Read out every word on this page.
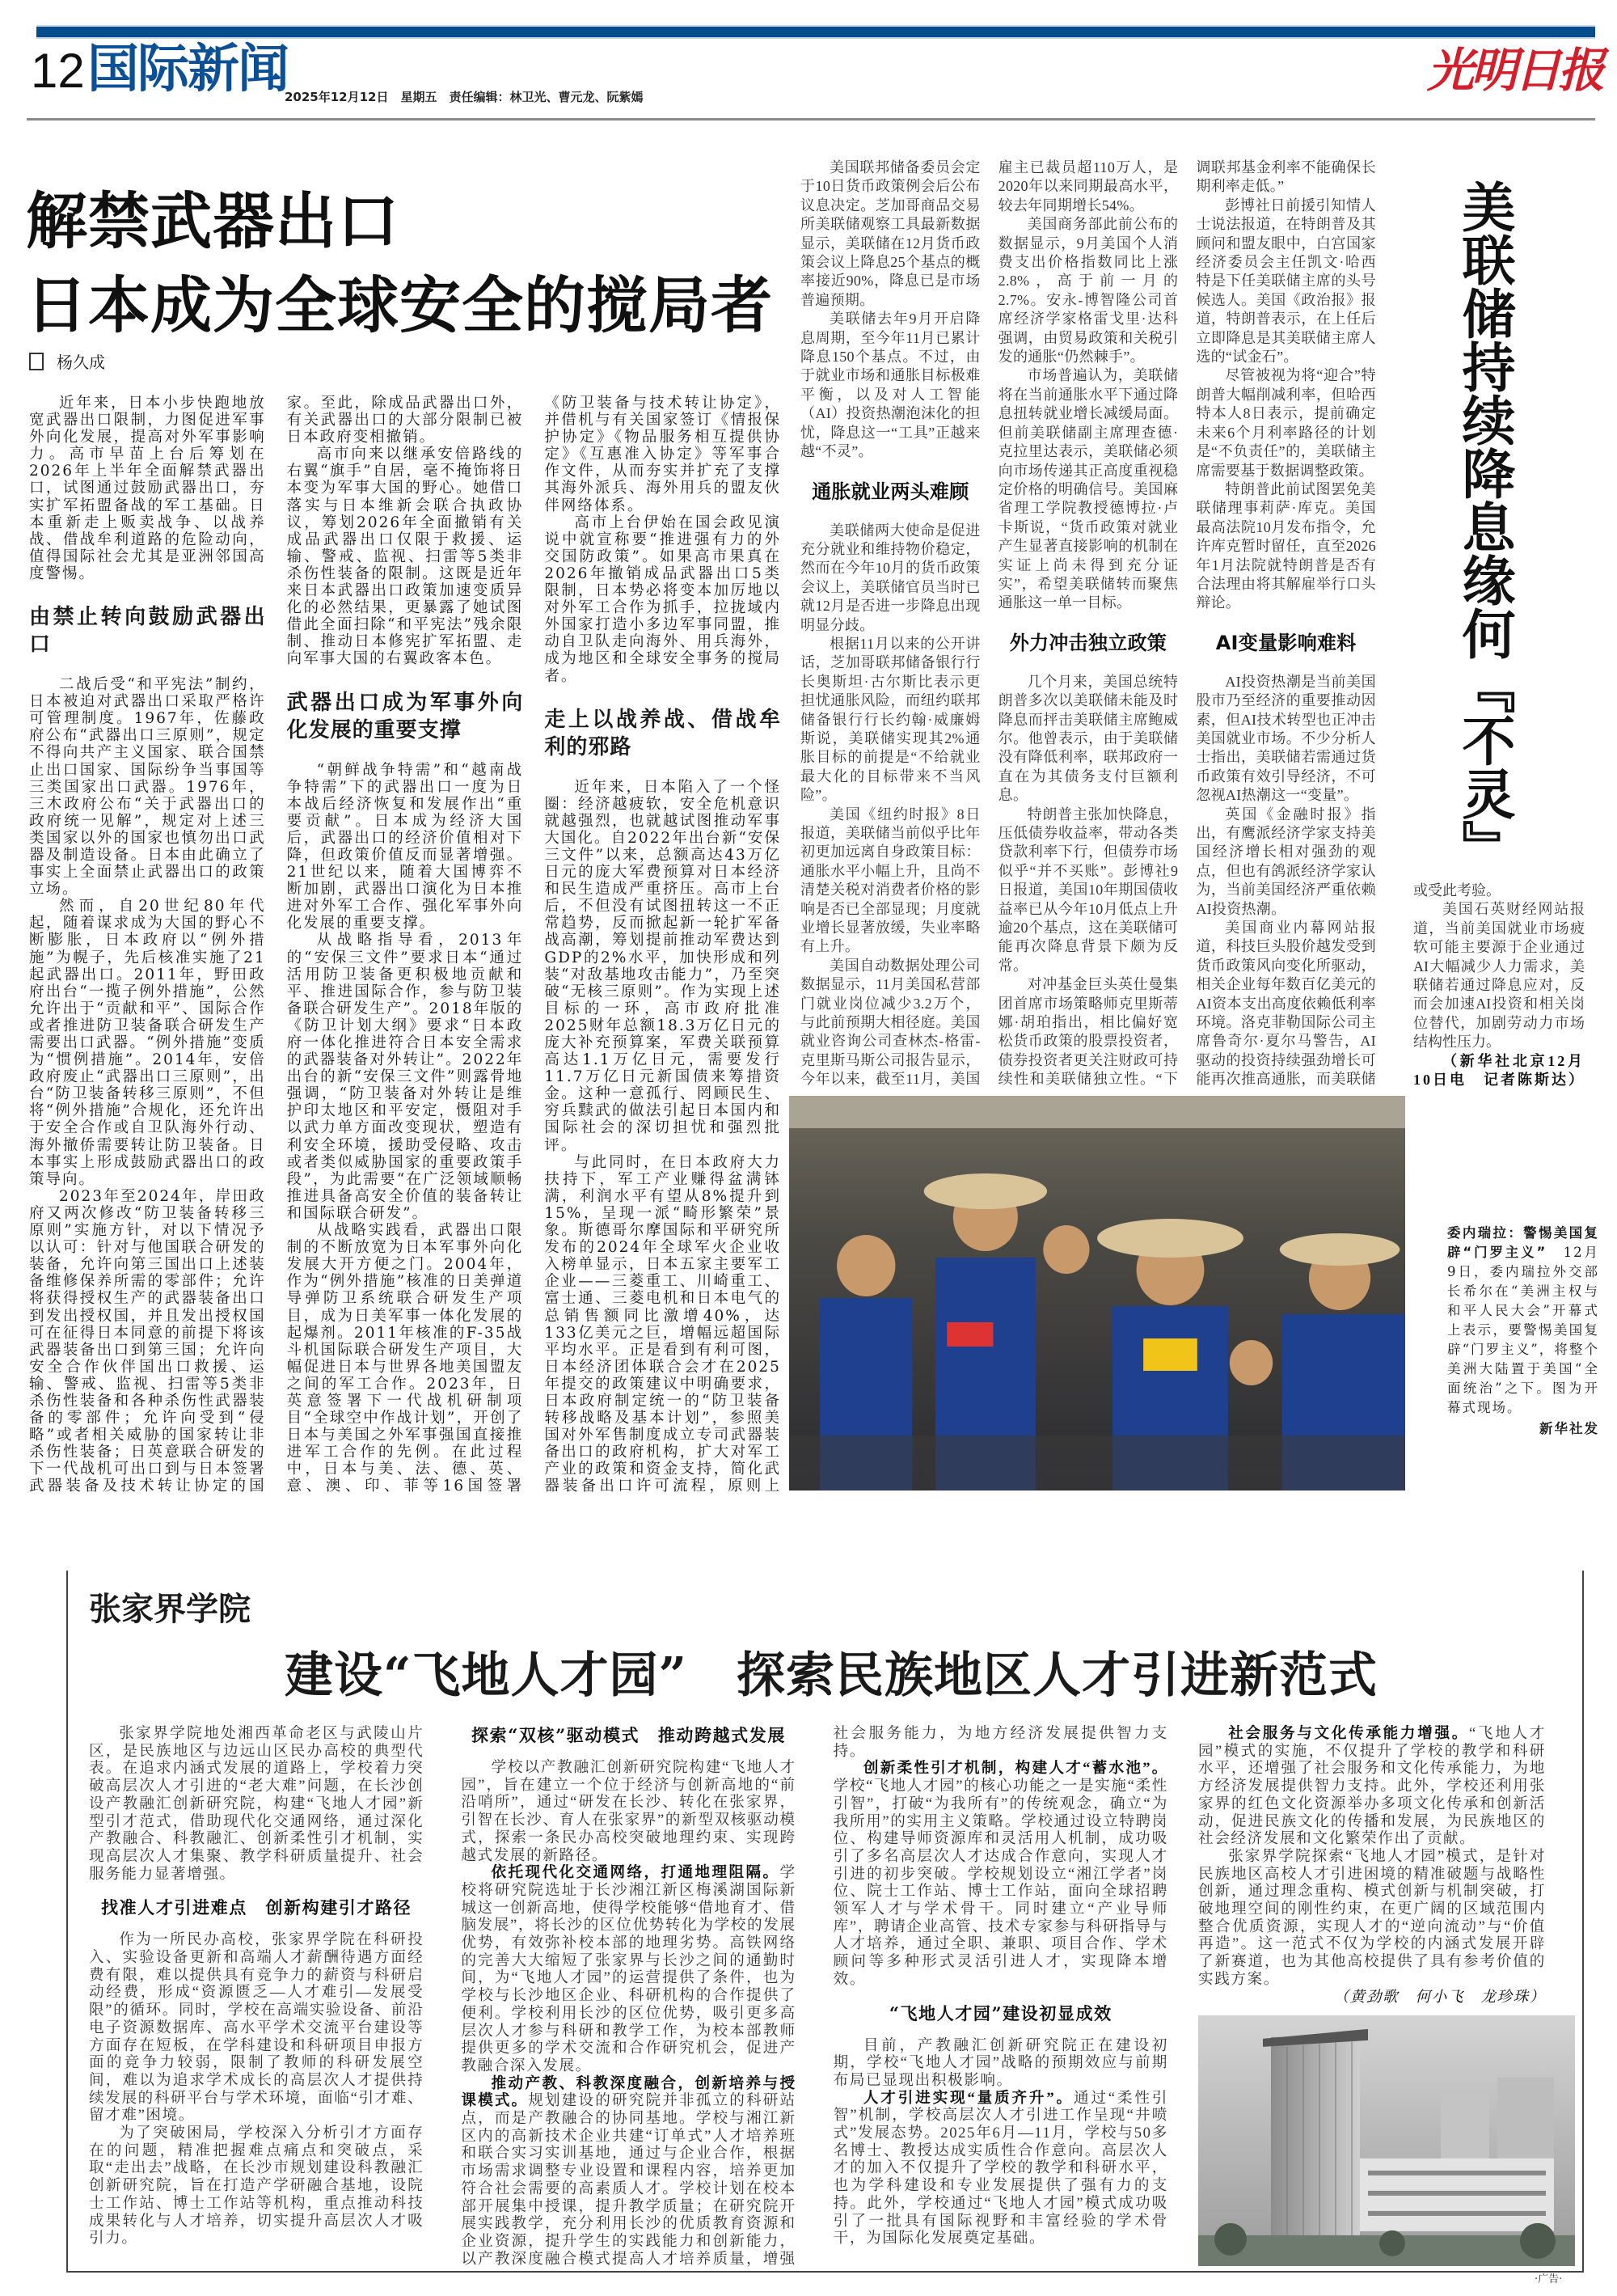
12 国际新闻
2025年12月12日　星期五　责任编辑：林卫光、曹元龙、阮紫嫣	光明日报
解禁武器出口
日本成为全球安全的搅局者
杨久成

近年来，日本小步快跑地放宽武器出口限制，力图促进军事外向化发展，提高对外军事影响力。高市早苗上台后筹划在2026年上半年全面解禁武器出口，试图通过鼓励武器出口，夯实扩军拓盟备战的军工基础。日本重新走上贩卖战争、以战养战、借战牟利道路的危险动向，值得国际社会尤其是亚洲邻国高度警惕。

由禁止转向鼓励武器出口

二战后受“和平宪法”制约，日本被迫对武器出口采取严格许可管理制度。1967年，佐藤政府公布“武器出口三原则”，规定不得向共产主义国家、联合国禁止出口国家、国际纷争当事国等三类国家出口武器。1976年，三木政府公布“关于武器出口的政府统一见解”，规定对上述三类国家以外的国家也慎勿出口武器及制造设备。日本由此确立了事实上全面禁止武器出口的政策立场。

然而，自20世纪80年代起，随着谋求成为大国的野心不断膨胀，日本政府以“例外措施”为幌子，先后核准实施了21起武器出口。2011年，野田政府出台“一揽子例外措施”，公然允许出于“贡献和平”、国际合作或者推进防卫装备联合研发生产需要出口武器。“例外措施”变质为“惯例措施”。2014年，安倍政府废止“武器出口三原则”，出台“防卫装备转移三原则”，不但将“例外措施”合规化，还允许出于安全合作或自卫队海外行动、海外撤侨需要转让防卫装备。日本事实上形成鼓励武器出口的政策导向。

2023年至2024年，岸田政府又两次修改“防卫装备转移三原则”实施方针，对以下情况予以认可：针对与他国联合研发的装备，允许向第三国出口上述装备维修保养所需的零部件；允许将获得授权生产的武器装备出口到发出授权国，并且发出授权国可在征得日本同意的前提下将该武器装备出口到第三国；允许向安全合作伙伴国出口救援、运输、警戒、监视、扫雷等5类非杀伤性装备和各种杀伤性武器装备的零部件；允许向受到“侵略”或者相关威胁的国家转让非杀伤性装备；日英意联合研发的下一代战机可出口到与日本签署武器装备及技术转让协定的国家。至此，除成品武器出口外，有关武器出口的大部分限制已被日本政府变相撤销。

高市向来以继承安倍路线的右翼“旗手”自居，毫不掩饰将日本变为军事大国的野心。她借口落实与日本维新会联合执政协议，筹划2026年全面撤销有关成品武器出口仅限于救援、运输、警戒、监视、扫雷等5类非杀伤性装备的限制。这既是近年来日本武器出口政策加速变质异化的必然结果，更暴露了她试图借此全面扫除“和平宪法”残余限制、推动日本修宪扩军拓盟、走向军事大国的右翼政客本色。

武器出口成为军事外向化发展的重要支撑

“朝鲜战争特需”和“越南战争特需”下的武器出口一度为日本战后经济恢复和发展作出“重要贡献”。日本成为经济大国后，武器出口的经济价值相对下降，但政策价值反而显著增强。21世纪以来，随着大国博弈不断加剧，武器出口演化为日本推进对外军工合作、强化军事外向化发展的重要支撑。

从战略指导看，2013年的“安保三文件”要求日本“通过活用防卫装备更积极地贡献和平、推进国际合作，参与防卫装备联合研发生产”。2018年版的《防卫计划大纲》要求“日本政府一体化推进符合日本安全需求的武器装备对外转让”。2022年出台的新“安保三文件”则露骨地强调，“防卫装备对外转让是维护印太地区和平安定，慑阻对手以武力单方面改变现状，塑造有利安全环境，援助受侵略、攻击或者类似威胁国家的重要政策手段”，为此需要“在广泛领域顺畅推进具备高安全价值的装备转让和国际联合研发”。

从战略实践看，武器出口限制的不断放宽为日本军事外向化发展大开方便之门。2004年，作为“例外措施”核准的日美弹道导弹防卫系统联合研发生产项目，成为日美军事一体化发展的起爆剂。2011年核准的F-35战斗机国际联合研发生产项目，大幅促进日本与世界各地美国盟友之间的军工合作。2023年，日英意签署下一代战机研制项目“全球空中作战计划”，开创了日本与美国之外军事强国直接推进军工合作的先例。在此过程中，日本与美、法、德、英、意、澳、印、菲等16国签署《防卫装备与技术转让协定》，并借机与有关国家签订《情报保护协定》《物品服务相互提供协定》《互惠准入协定》等军事合作文件，从而夯实并扩充了支撑其海外派兵、海外用兵的盟友伙伴网络体系。

高市上台伊始在国会政见演说中就宣称要“推进强有力的外交国防政策”。如果高市果真在2026年撤销成品武器出口5类限制，日本势必将变本加厉地以对外军工合作为抓手，拉拢域内外国家打造小多边军事同盟，推动自卫队走向海外、用兵海外，成为地区和全球安全事务的搅局者。

走上以战养战、借战牟利的邪路

近年来，日本陷入了一个怪圈：经济越疲软，安全危机意识就越强烈，也就越试图推动军事大国化。自2022年出台新“安保三文件”以来，总额高达43万亿日元的庞大军费预算对日本经济和民生造成严重挤压。高市上台后，不但没有试图扭转这一不正常趋势，反而掀起新一轮扩军备战高潮，筹划提前推动军费达到GDP的2%水平，加快形成和列装“对敌基地攻击能力”，乃至突破“无核三原则”。作为实现上述目标的一环，高市政府批准2025财年总额18.3万亿日元的庞大补充预算案，军费关联预算高达1.1万亿日元，需要发行11.7万亿日元新国债来筹措资金。这种一意孤行、罔顾民生、穷兵黩武的做法引起日本国内和国际社会的深切担忧和强烈批评。

与此同时，在日本政府大力扶持下，军工产业赚得盆满钵满，利润水平有望从8%提升到15%，呈现一派“畸形繁荣”景象。斯德哥尔摩国际和平研究所发布的2024年全球军火企业收入榜单显示，日本五家主要军工企业——三菱重工、川崎重工、富士通、三菱电机和日本电气的总销售额同比激增40%，达133亿美元之巨，增幅远超国际平均水平。正是看到有利可图，日本经济团体联合会才在2025年提交的政策建议中明确要求，日本政府制定统一的“防卫装备转移战略及基本计划”，参照美国对外军售制度成立专司武器装备出口的政府机构，扩大对军工产业的政策和资金支持，简化武器装备出口许可流程，原则上

美国联邦储备委员会定于10日货币政策例会后公布议息决定。芝加哥商品交易所美联储观察工具最新数据显示，美联储在12月货币政策会议上降息25个基点的概率接近90%，降息已是市场普遍预期。

美联储去年9月开启降息周期，至今年11月已累计降息150个基点。不过，由于就业市场和通胀目标极难平衡，以及对人工智能（AI）投资热潮泡沫化的担忧，降息这一“工具”正越来越“不灵”。

通胀就业两头难顾

美联储两大使命是促进充分就业和维持物价稳定，然而在今年10月的货币政策会议上，美联储官员当时已就12月是否进一步降息出现明显分歧。

根据11月以来的公开讲话，芝加哥联邦储备银行行长奥斯坦·古尔斯比表示更担忧通胀风险，而纽约联邦储备银行行长约翰·威廉姆斯说，美联储实现其2%通胀目标的前提是“不给就业最大化的目标带来不当风险”。

美国《纽约时报》8日报道，美联储当前似乎比年初更加远离自身政策目标：通胀水平小幅上升，且尚不清楚关税对消费者价格的影响是否已全部显现；月度就业增长显著放缓，失业率略有上升。

美国自动数据处理公司数据显示，11月美国私营部门就业岗位减少3.2万个，与此前预期大相径庭。美国就业咨询公司查林杰-格雷-克里斯马斯公司报告显示，今年以来，截至11月，美国雇主已裁员超110万人，是2020年以来同期最高水平，较去年同期增长54%。

美国商务部此前公布的数据显示，9月美国个人消费支出价格指数同比上涨2.8%，高于前一月的2.7%。安永-博智隆公司首席经济学家格雷戈里·达科强调，由贸易政策和关税引发的通胀“仍然棘手”。

市场普遍认为，美联储将在当前通胀水平下通过降息扭转就业增长减缓局面。但前美联储副主席理查德·克拉里达表示，美联储必须向市场传递其正高度重视稳定价格的明确信号。美国麻省理工学院教授德博拉·卢卡斯说，“货币政策对就业产生显著直接影响的机制在实证上尚未得到充分证实”，希望美联储转而聚焦通胀这一单一目标。

外力冲击独立政策

几个月来，美国总统特朗普多次以美联储未能及时降息而抨击美联储主席鲍威尔。他曾表示，由于美联储没有降低利率，联邦政府一直在为其债务支付巨额利息。

特朗普主张加快降息，压低债券收益率，带动各类贷款利率下行，但债券市场似乎“并不买账”。彭博社9日报道，美国10年期国债收益率已从今年10月低点上升逾20个基点，这在美联储可能再次降息背景下颇为反常。

对冲基金巨头英仕曼集团首席市场策略师克里斯蒂娜·胡珀指出，相比偏好宽松货币政策的股票投资者，债券投资者更关注财政可持续性和美联储独立性。“下调联邦基金利率不能确保长期利率走低。”

彭博社日前援引知情人士说法报道，在特朗普及其顾问和盟友眼中，白宫国家经济委员会主任凯文·哈西特是下任美联储主席的头号候选人。美国《政治报》报道，特朗普表示，在上任后立即降息是其美联储主席人选的“试金石”。

尽管被视为将“迎合”特朗普大幅削减利率，但哈西特本人8日表示，提前确定未来6个月利率路径的计划是“不负责任”的，美联储主席需要基于数据调整政策。

特朗普此前试图罢免美联储理事莉萨·库克。美国最高法院10月发布指令，允许库克暂时留任，直至2026年1月法院就特朗普是否有合法理由将其解雇举行口头辩论。

AI变量影响难料

AI投资热潮是当前美国股市乃至经济的重要推动因素，但AI技术转型也正冲击美国就业市场。不少分析人士指出，美联储若需通过货币政策有效引导经济，不可忽视AI热潮这一“变量”。

英国《金融时报》指出，有鹰派经济学家支持美国经济增长相对强劲的观点，但也有鸽派经济学家认为，当前美国经济严重依赖AI投资热潮。

美国商业内幕网站报道，科技巨头股价越发受到货币政策风向变化所驱动，相关企业每年数百亿美元的AI资本支出高度依赖低利率环境。洛克菲勒国际公司主席鲁奇尔·夏尔马警告，AI驱动的投资持续强劲增长可能再次推高通胀，而美联储

美联储持续降息缘何『不灵』

或受此考验。

美国石英财经网站报道，当前美国就业市场疲软可能主要源于企业通过AI大幅减少人力需求，美联储若通过降息应对，反而会加速AI投资和相关岗位替代，加剧劳动力市场结构性压力。

（新华社北京12月10日电　记者陈斯达）

委内瑞拉：警惕美国复辟“门罗主义”　12月9日，委内瑞拉外交部长希尔在“美洲主权与和平人民大会”开幕式上表示，要警惕美国复辟“门罗主义”，将整个美洲大陆置于美国“全面统治”之下。图为开幕式现场。
新华社发
张家界学院
建设“飞地人才园”　探索民族地区人才引进新范式

张家界学院地处湘西革命老区与武陵山片区，是民族地区与边远山区民办高校的典型代表。在追求内涵式发展的道路上，学校着力突破高层次人才引进的“老大难”问题，在长沙创设产教融汇创新研究院，构建“飞地人才园”新型引才范式，借助现代化交通网络，通过深化产教融合、科教融汇、创新柔性引才机制，实现高层次人才集聚、教学科研质量提升、社会服务能力显著增强。

找准人才引进难点　创新构建引才路径

作为一所民办高校，张家界学院在科研投入、实验设备更新和高端人才薪酬待遇方面经费有限，难以提供具有竞争力的薪资与科研启动经费，形成“资源匮乏—人才难引—发展受限”的循环。同时，学校在高端实验设备、前沿电子资源数据库、高水平学术交流平台建设等方面存在短板，在学科建设和科研项目申报方面的竞争力较弱，限制了教师的科研发展空间，难以为追求学术成长的高层次人才提供持续发展的科研平台与学术环境，面临“引才难、留才难”困境。

为了突破困局，学校深入分析引才方面存在的问题，精准把握难点痛点和突破点，采取“走出去”战略，在长沙市规划建设科教融汇创新研究院，旨在打造产学研融合基地，设院士工作站、博士工作站等机构，重点推动科技成果转化与人才培养，切实提升高层次人才吸引力。

探索“双核”驱动模式　推动跨越式发展

学校以产教融汇创新研究院构建“飞地人才园”，旨在建立一个位于经济与创新高地的“前沿哨所”，通过“研发在长沙、转化在张家界，引智在长沙、育人在张家界”的新型双核驱动模式，探索一条民办高校突破地理约束、实现跨越式发展的新路径。

依托现代化交通网络，打通地理阻隔。学校将研究院选址于长沙湘江新区梅溪湖国际新城这一创新高地，使得学校能够“借地育才、借脑发展”，将长沙的区位优势转化为学校的发展优势，有效弥补校本部的地理劣势。高铁网络的完善大大缩短了张家界与长沙之间的通勤时间，为“飞地人才园”的运营提供了条件，也为学校与长沙地区企业、科研机构的合作提供了便利。学校利用长沙的区位优势，吸引更多高层次人才参与科研和教学工作，为校本部教师提供更多的学术交流和合作研究机会，促进产教融合深入发展。

推动产教、科教深度融合，创新培养与授课模式。规划建设的研究院并非孤立的科研站点，而是产教融合的协同基地。学校与湘江新区内的高新技术企业共建“订单式”人才培养班和联合实习实训基地，通过与企业合作，根据市场需求调整专业设置和课程内容，培养更加符合社会需要的高素质人才。学校计划在校本部开展集中授课，提升教学质量；在研究院开展实践教学，充分利用长沙的优质教育资源和企业资源，提升学生的实践能力和创新能力，以产教深度融合模式提高人才培养质量，增强社会服务能力，为地方经济发展提供智力支持。

创新柔性引才机制，构建人才“蓄水池”。学校“飞地人才园”的核心功能之一是实施“柔性引智”，打破“为我所有”的传统观念，确立“为我所用”的实用主义策略。学校通过设立特聘岗位、构建导师资源库和灵活用人机制，成功吸引了多名高层次人才达成合作意向，实现人才引进的初步突破。学校规划设立“湘江学者”岗位、院士工作站、博士工作站，面向全球招聘领军人才与学术骨干。同时建立“产业导师库”，聘请企业高管、技术专家参与科研指导与人才培养，通过全职、兼职、项目合作、学术顾问等多种形式灵活引进人才，实现降本增效。

“飞地人才园”建设初显成效

目前，产教融汇创新研究院正在建设初期，学校“飞地人才园”战略的预期效应与前期布局已显现出积极影响。

人才引进实现“量质齐升”。通过“柔性引智”机制，学校高层次人才引进工作呈现“井喷式”发展态势。2025年6月—11月，学校与50多名博士、教授达成实质性合作意向。高层次人才的加入不仅提升了学校的教学和科研水平，也为学科建设和专业发展提供了强有力的支持。此外，学校通过“飞地人才园”模式成功吸引了一批具有国际视野和丰富经验的学术骨干，为国际化发展奠定基础。

社会服务与文化传承能力增强。“飞地人才园”模式的实施，不仅提升了学校的教学和科研水平，还增强了社会服务和文化传承能力，为地方经济发展提供智力支持。此外，学校还利用张家界的红色文化资源举办多项文化传承和创新活动，促进民族文化的传播和发展，为民族地区的社会经济发展和文化繁荣作出了贡献。

张家界学院探索“飞地人才园”模式，是针对民族地区高校人才引进困境的精准破题与战略性创新，通过理念重构、模式创新与机制突破，打破地理空间的刚性约束，在更广阔的区域范围内整合优质资源，实现人才的“逆向流动”与“价值再造”。这一范式不仅为学校的内涵式发展开辟了新赛道，也为其他高校提供了具有参考价值的实践方案。

（黄劲歌　何小飞　龙珍珠）

·广告·
